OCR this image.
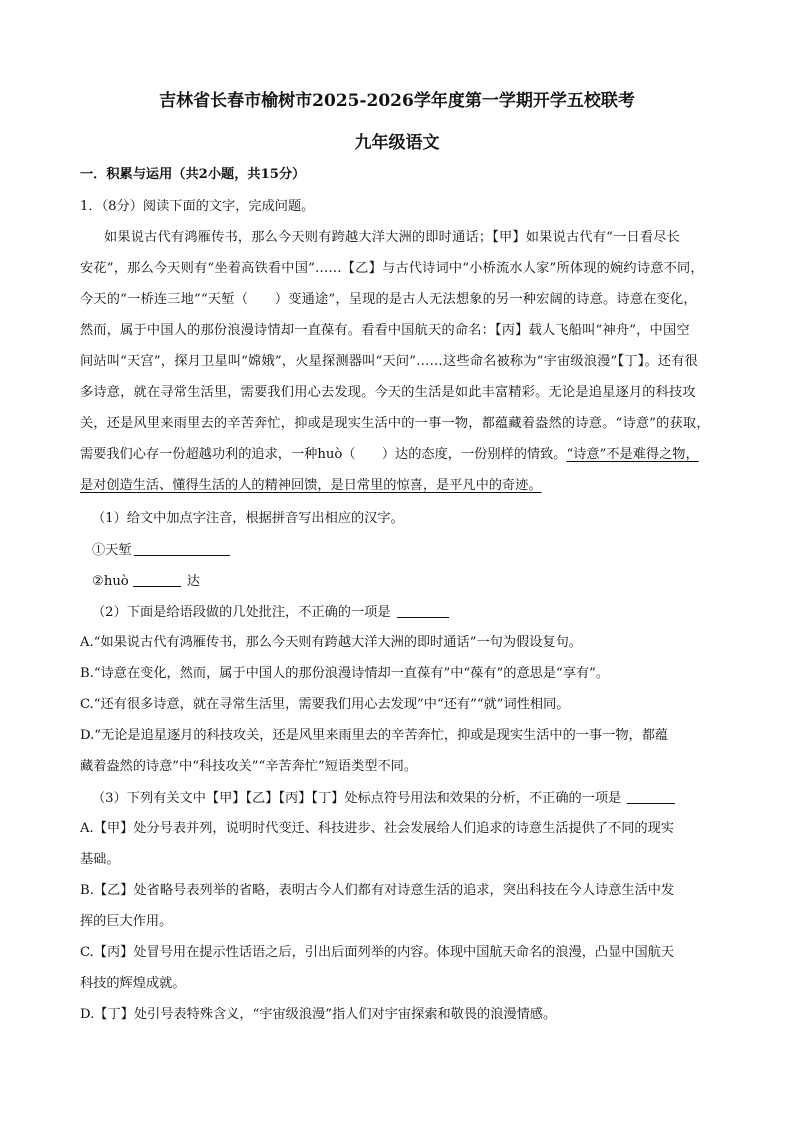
吉林省长春市榆树市2025-2026学年度第一学期开学五校联考
九年级语文
一．积累与运用（共2小题，共15分）
1．（8分）阅读下面的文字，完成问题。
如果说古代有鸿雁传书，那么今天则有跨越大洋大洲的即时通话；【甲】如果说古代有“一日看尽长
安花”，那么今天则有“坐着高铁看中国”……【乙】与古代诗词中“小桥流水人家”所体现的婉约诗意不同，
今天的“一桥连三地”“天堑（　　）变通途”，呈现的是古人无法想象的另一种宏阔的诗意。诗意在变化，
然而，属于中国人的那份浪漫诗情却一直葆有。看看中国航天的命名：【丙】载人飞船叫“神舟”，中国空
间站叫“天宫”，探月卫星叫“嫦娥”，火星探测器叫“天问”……这些命名被称为“宇宙级浪漫”【丁】。还有很
多诗意，就在寻常生活里，需要我们用心去发现。今天的生活是如此丰富精彩。无论是追星逐月的科技攻
关，还是风里来雨里去的辛苦奔忙，抑或是现实生活中的一事一物，都蕴藏着盎然的诗意。“诗意”的获取，
需要我们心存一份超越功利的追求，一种huò（　　）达的态度，一份别样的情致。“诗意”不是难得之物，
是对创造生活、懂得生活的人的精神回馈，是日常里的惊喜，是平凡中的奇迹。
（1）给文中加点字注音，根据拼音写出相应的汉字。
①天堑
②huò	达
（2）下面是给语段做的几处批注，不正确的一项是
A.“如果说古代有鸿雁传书，那么今天则有跨越大洋大洲的即时通话”一句为假设复句。
B.“诗意在变化，然而，属于中国人的那份浪漫诗情却一直葆有”中“葆有”的意思是“享有”。
C.“还有很多诗意，就在寻常生活里，需要我们用心去发现”中“还有”“就”词性相同。
D.“无论是追星逐月的科技攻关，还是风里来雨里去的辛苦奔忙，抑或是现实生活中的一事一物，都蕴
藏着盎然的诗意”中“科技攻关”“辛苦奔忙”短语类型不同。
（3）下列有关文中【甲】【乙】【丙】【丁】处标点符号用法和效果的分析，不正确的一项是
A.【甲】处分号表并列，说明时代变迁、科技进步、社会发展给人们追求的诗意生活提供了不同的现实
基础。
B.【乙】处省略号表列举的省略，表明古今人们都有对诗意生活的追求，突出科技在今人诗意生活中发
挥的巨大作用。
C.【丙】处冒号用在提示性话语之后，引出后面列举的内容。体现中国航天命名的浪漫，凸显中国航天
科技的辉煌成就。
D.【丁】处引号表特殊含义，“宇宙级浪漫”指人们对宇宙探索和敬畏的浪漫情感。
